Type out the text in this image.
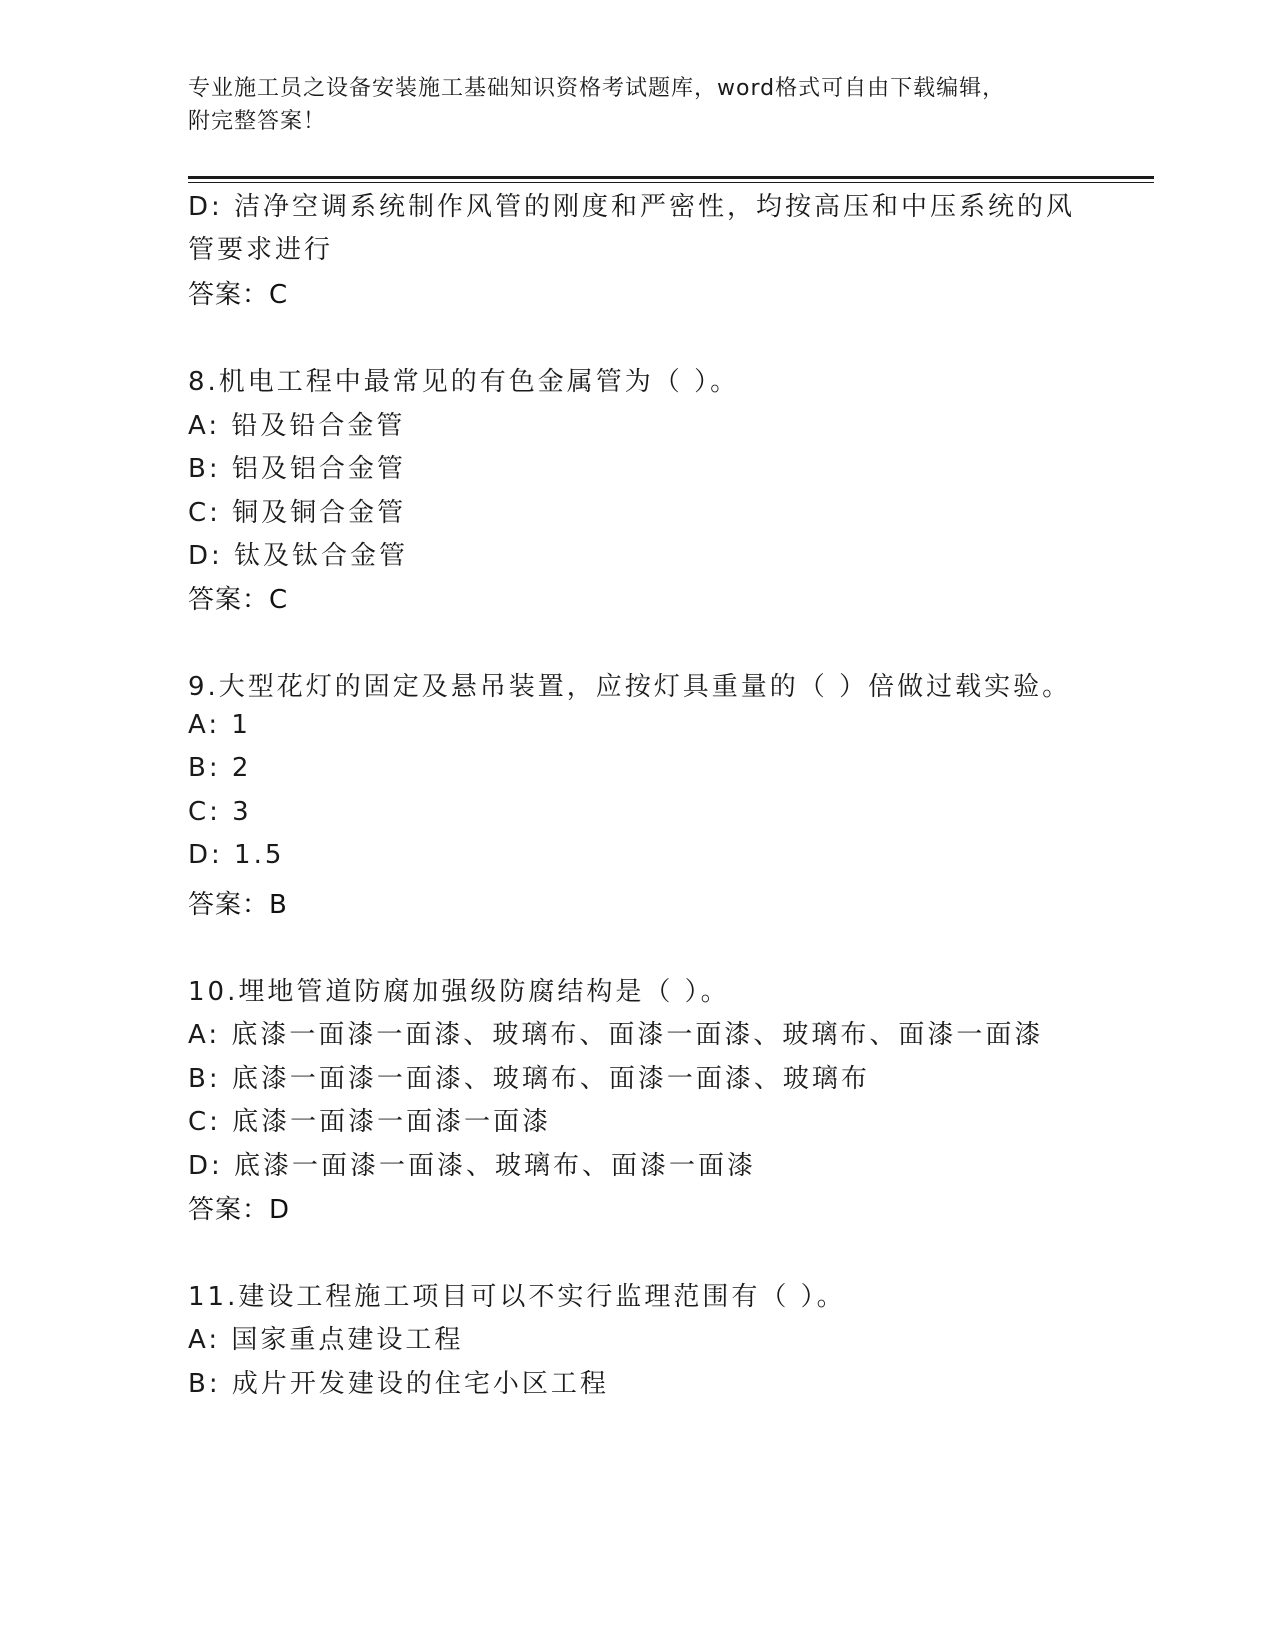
专业施工员之设备安装施工基础知识资格考试题库，word格式可自由下载编辑，
附完整答案！
D: 洁净空调系统制作风管的刚度和严密性，均按高压和中压系统的风
管要求进行
答案：C
8.机电工程中最常见的有色金属管为（ ）。
A: 铅及铅合金管
B: 铝及铝合金管
C: 铜及铜合金管
D: 钛及钛合金管
答案：C
9.大型花灯的固定及悬吊装置，应按灯具重量的（ ）倍做过载实验。
A: 1
B: 2
C: 3
D: 1.5
答案：B
10.埋地管道防腐加强级防腐结构是（ ）。
A: 底漆一面漆一面漆、玻璃布、面漆一面漆、玻璃布、面漆一面漆
B: 底漆一面漆一面漆、玻璃布、面漆一面漆、玻璃布
C: 底漆一面漆一面漆一面漆
D: 底漆一面漆一面漆、玻璃布、面漆一面漆
答案：D
11.建设工程施工项目可以不实行监理范围有（ ）。
A: 国家重点建设工程
B: 成片开发建设的住宅小区工程
